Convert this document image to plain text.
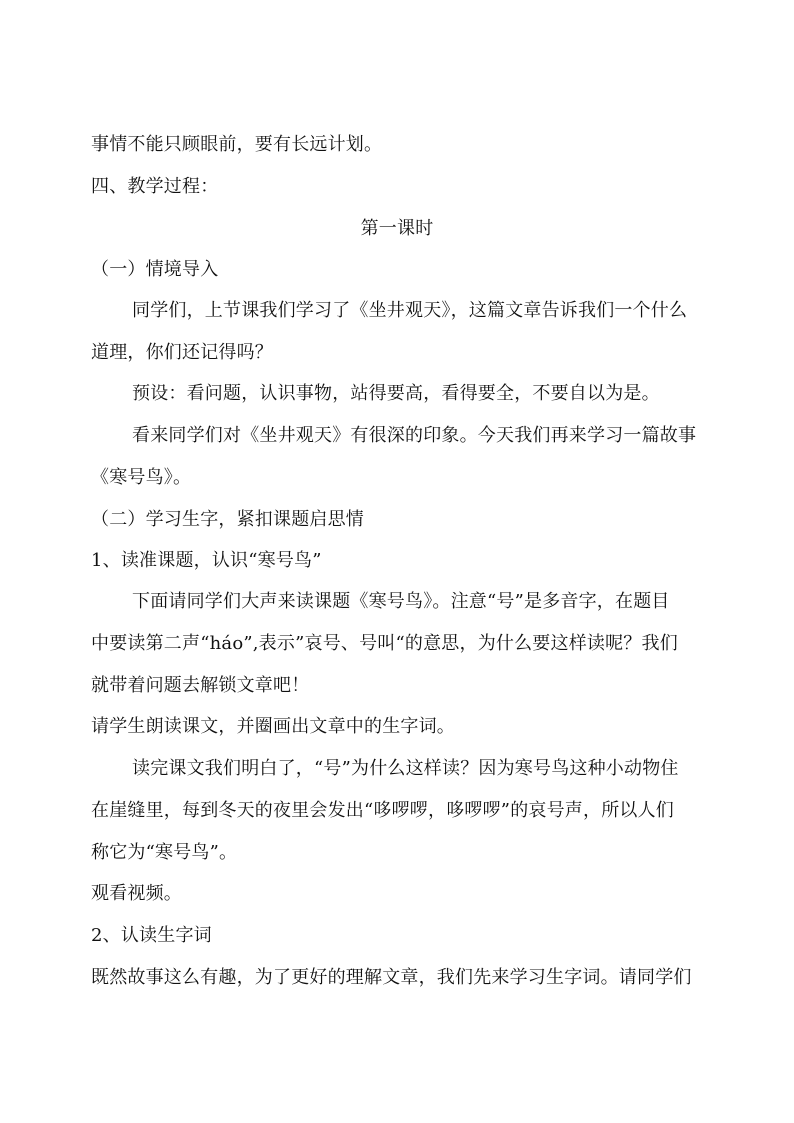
事情不能只顾眼前，要有长远计划。
四、教学过程：
第一课时
（一）情境导入
同学们，上节课我们学习了《坐井观天》，这篇文章告诉我们一个什么
道理，你们还记得吗？
预设：看问题，认识事物，站得要高，看得要全，不要自以为是。
看来同学们对《坐井观天》有很深的印象。今天我们再来学习一篇故事
《寒号鸟》。
（二）学习生字，紧扣课题启思情
1、读准课题，认识“寒号鸟”
下面请同学们大声来读课题《寒号鸟》。注意“号”是多音字，在题目
中要读第二声“háo”,表示”哀号、号叫“的意思，为什么要这样读呢？我们
就带着问题去解锁文章吧！
请学生朗读课文，并圈画出文章中的生字词。
读完课文我们明白了，“号”为什么这样读？因为寒号鸟这种小动物住
在崖缝里，每到冬天的夜里会发出“哆啰啰，哆啰啰”的哀号声，所以人们
称它为“寒号鸟”。
观看视频。
2、认读生字词
既然故事这么有趣，为了更好的理解文章，我们先来学习生字词。请同学们
